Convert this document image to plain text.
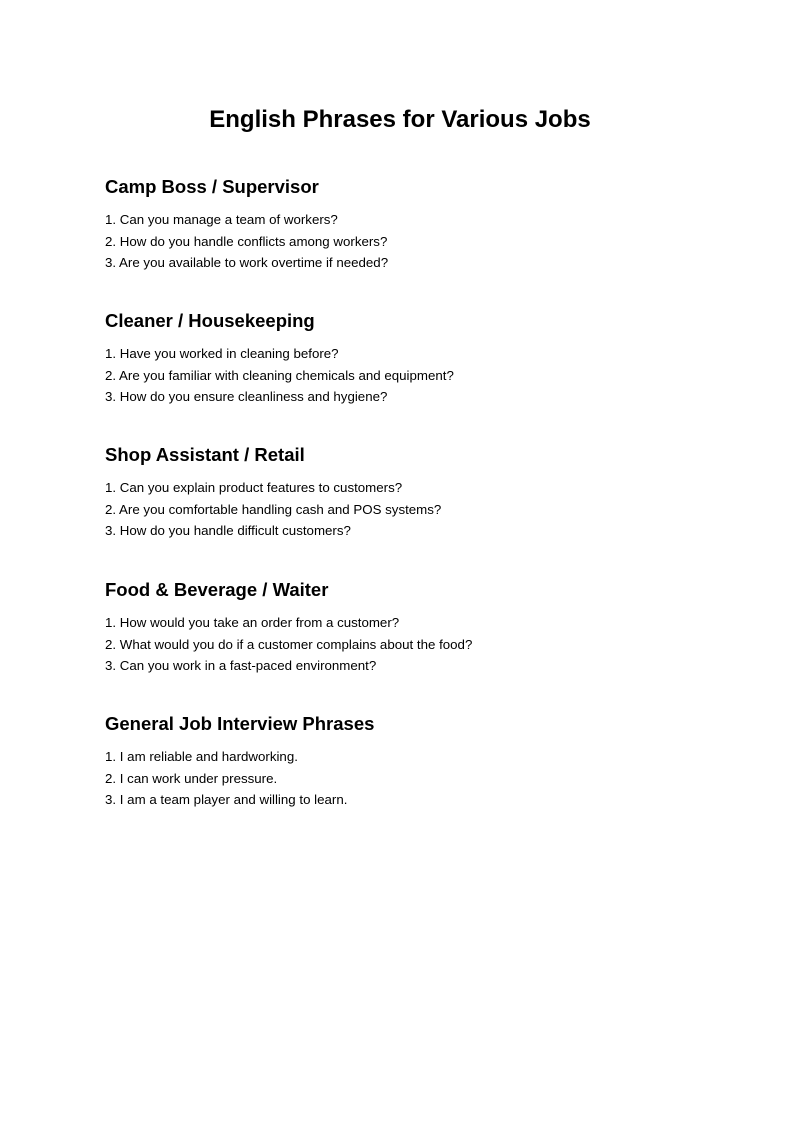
English Phrases for Various Jobs
Camp Boss / Supervisor
1. Can you manage a team of workers?
2. How do you handle conflicts among workers?
3. Are you available to work overtime if needed?
Cleaner / Housekeeping
1. Have you worked in cleaning before?
2. Are you familiar with cleaning chemicals and equipment?
3. How do you ensure cleanliness and hygiene?
Shop Assistant / Retail
1. Can you explain product features to customers?
2. Are you comfortable handling cash and POS systems?
3. How do you handle difficult customers?
Food & Beverage / Waiter
1. How would you take an order from a customer?
2. What would you do if a customer complains about the food?
3. Can you work in a fast-paced environment?
General Job Interview Phrases
1. I am reliable and hardworking.
2. I can work under pressure.
3. I am a team player and willing to learn.
